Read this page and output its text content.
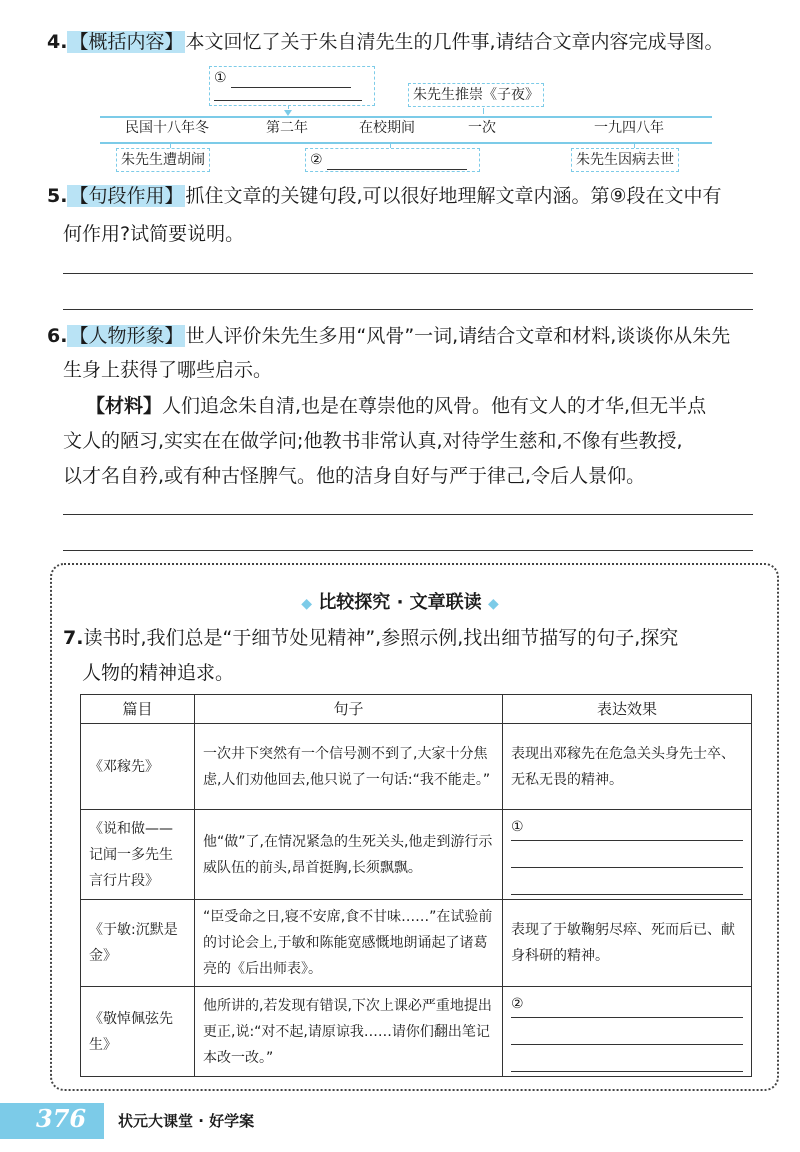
4. 【概括内容】 本文回忆了关于朱自清先生的几件事,请结合文章内容完成导图。
①
朱先生推崇《子夜》
民国十八年冬	第二年	在校期间	一次	一九四八年
朱先生遭胡闹	②	朱先生因病去世
5. 【句段作用】 抓住文章的关键句段,可以很好地理解文章内涵。第⑨段在文中有
何作用?试简要说明。
6. 【人物形象】 世人评价朱先生多用“风骨”一词,请结合文章和材料,谈谈你从朱先
生身上获得了哪些启示。
【材料】人们追念朱自清,也是在尊崇他的风骨。他有文人的才华,但无半点
文人的陋习,实实在在做学问;他教书非常认真,对待学生慈和,不像有些教授,
以才名自矜,或有种古怪脾气。他的洁身自好与严于律己,令后人景仰。
◆ 比较探究 · 文章联读 ◆
7.读书时,我们总是“于细节处见精神”,参照示例,找出细节描写的句子,探究
人物的精神追求。
篇目	句子	表达效果
《邓稼先》	一次井下突然有一个信号测不到了,大家十分焦虑,人们劝他回去,他只说了一句话:“我不能走。”	表现出邓稼先在危急关头身先士卒、无私无畏的精神。
《说和做——记闻一多先生言行片段》	他“做”了,在情况紧急的生死关头,他走到游行示威队伍的前头,昂首挺胸,长须飘飘。	①

《于敏:沉默是金》	“臣受命之日,寝不安席,食不甘味……”在试验前的讨论会上,于敏和陈能宽感慨地朗诵起了诸葛亮的《后出师表》。	表现了于敏鞠躬尽瘁、死而后已、献身科研的精神。
《敬悼佩弦先生》	他所讲的,若发现有错误,下次上课必严重地提出更正,说:“对不起,请原谅我……请你们翻出笔记本改一改。”	②
376 状元大课堂 · 好学案
